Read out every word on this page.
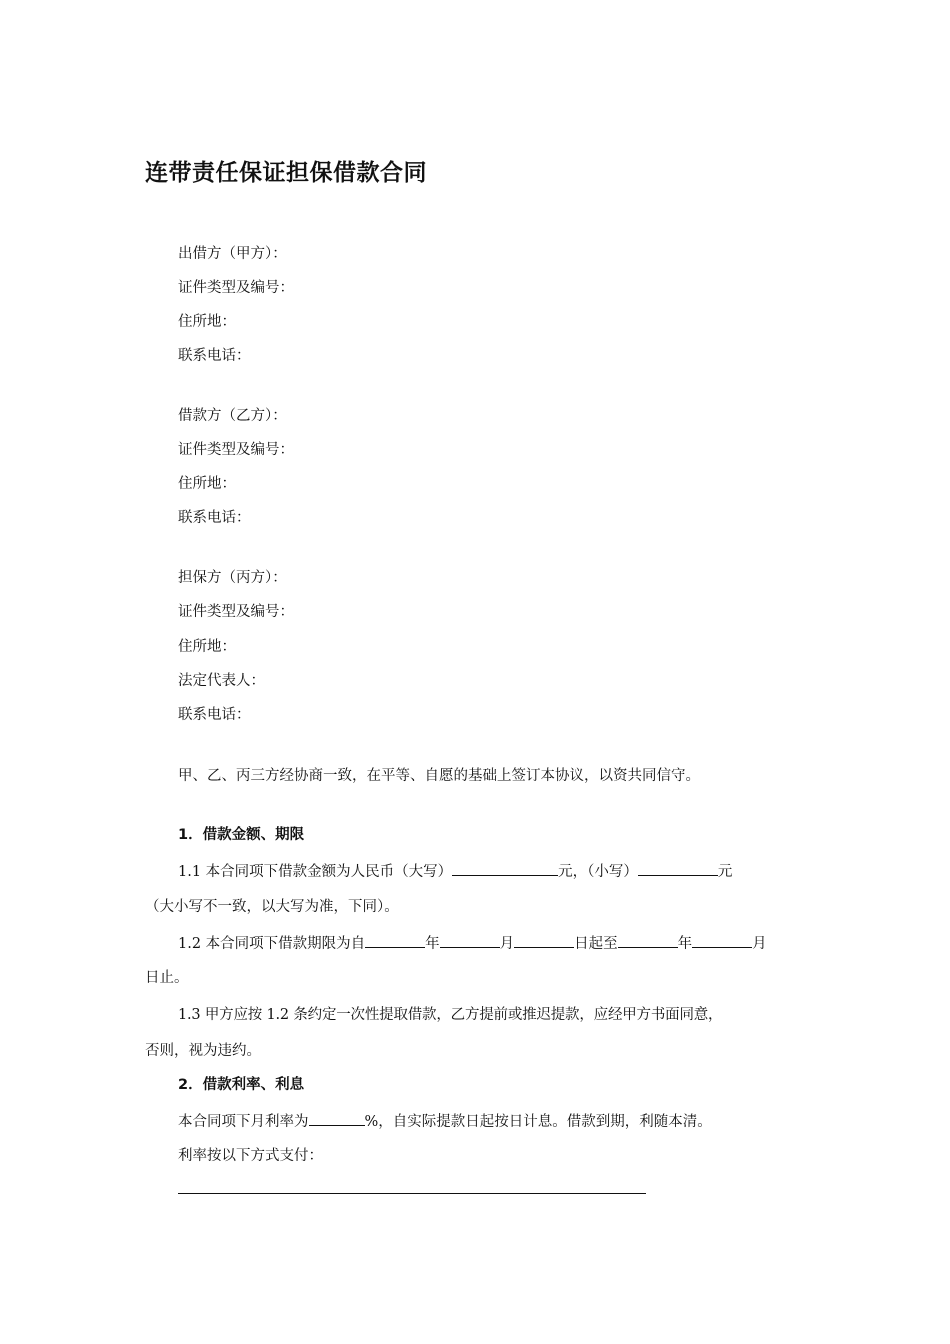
连带责任保证担保借款合同
出借方（甲方）：
证件类型及编号：
住所地：
联系电话：
借款方（乙方）：
证件类型及编号：
住所地：
联系电话：
担保方（丙方）：
证件类型及编号：
住所地：
法定代表人：
联系电话：
甲、乙、丙三方经协商一致，在平等、自愿的基础上签订本协议，以资共同信守。
1．借款金额、期限
1.1 本合同项下借款金额为人民币（大写）	元，（小写）	元
（大小写不一致，以大写为准，下同）。
1.2 本合同项下借款期限为自	年	月	日起至	年	月
日止。
1.3 甲方应按 1.2 条约定一次性提取借款，乙方提前或推迟提款，应经甲方书面同意，
否则，视为违约。
2．借款利率、利息
本合同项下月利率为	%，自实际提款日起按日计息。借款到期，利随本清。
利率按以下方式支付：
